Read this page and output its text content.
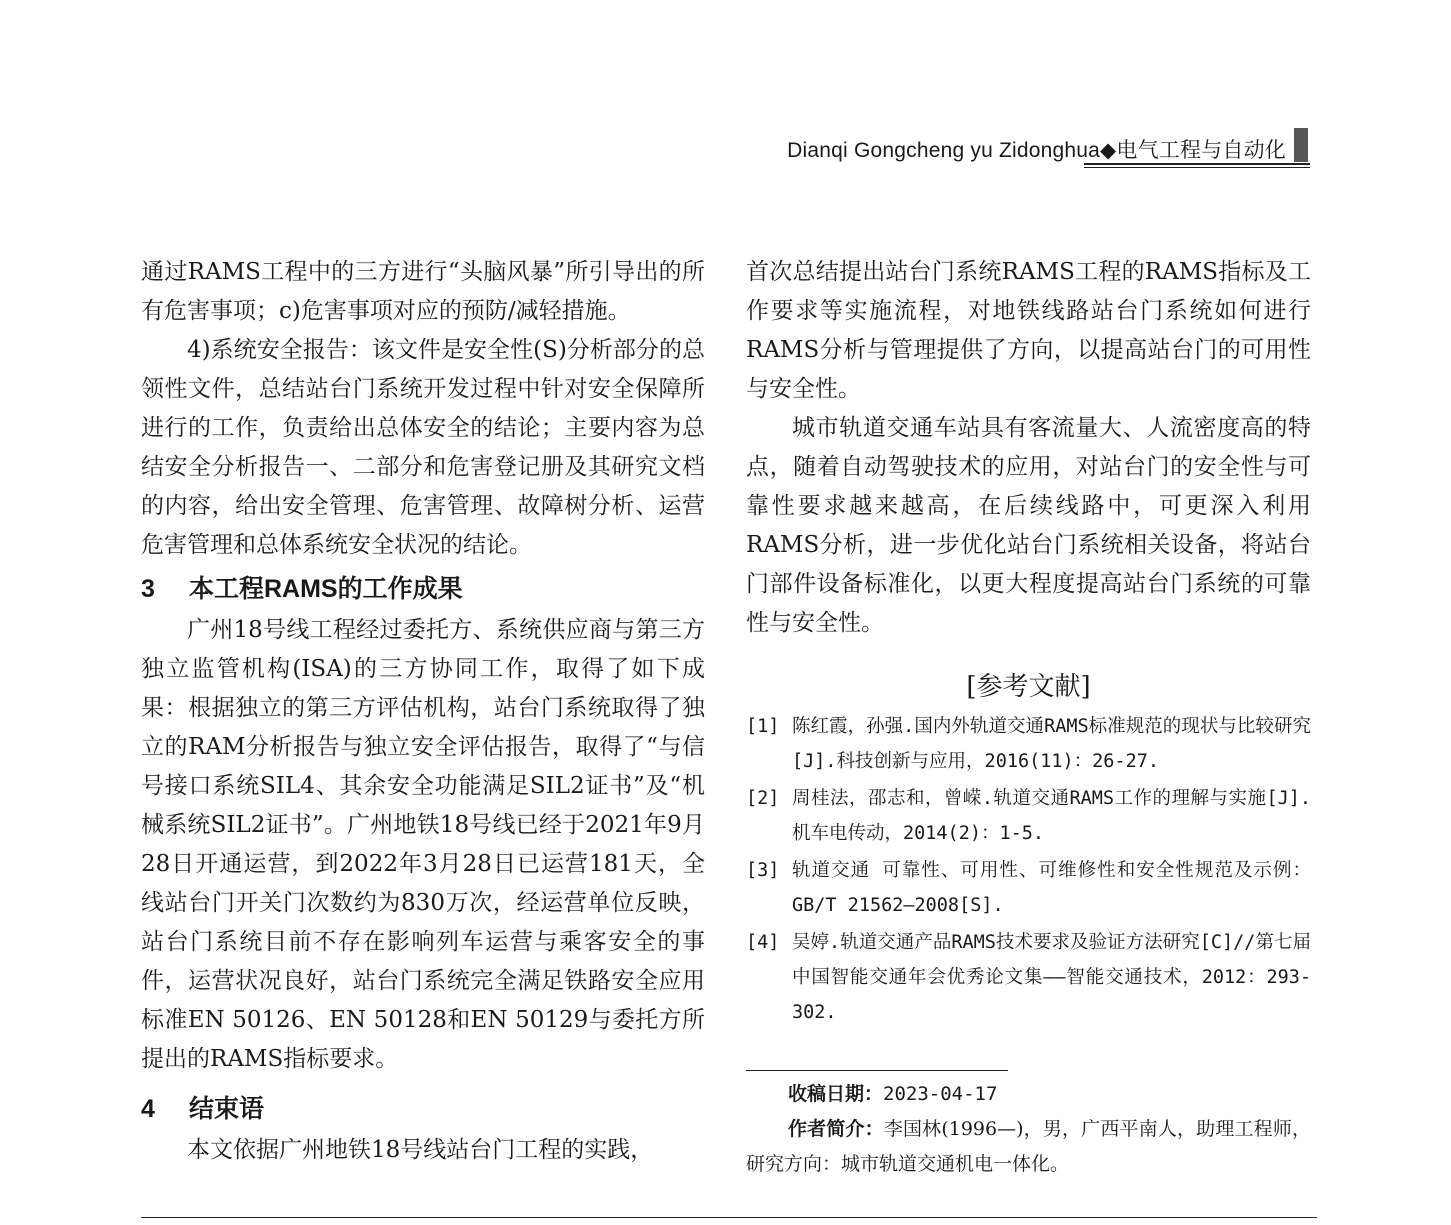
Dianqi Gongcheng yu Zidonghua◆电气工程与自动化

通过RAMS工程中的三方进行“头脑风暴”所引导出的所有危害事项；c)危害事项对应的预防/减轻措施。

4)系统安全报告：该文件是安全性(S)分析部分的总领性文件，总结站台门系统开发过程中针对安全保障所进行的工作，负责给出总体安全的结论；主要内容为总结安全分析报告一、二部分和危害登记册及其研究文档的内容，给出安全管理、危害管理、故障树分析、运营危害管理和总体系统安全状况的结论。

3 本工程RAMS的工作成果

广州18号线工程经过委托方、系统供应商与第三方独立监管机构(ISA)的三方协同工作，取得了如下成果：根据独立的第三方评估机构，站台门系统取得了独立的RAM分析报告与独立安全评估报告，取得了“与信号接口系统SIL4、其余安全功能满足SIL2证书”及“机械系统SIL2证书”。广州地铁18号线已经于2021年9月28日开通运营，到2022年3月28日已运营181天，全线站台门开关门次数约为830万次，经运营单位反映，站台门系统目前不存在影响列车运营与乘客安全的事件，运营状况良好，站台门系统完全满足铁路安全应用标准EN 50126、EN 50128和EN 50129与委托方所提出的RAMS指标要求。

4 结束语

本文依据广州地铁18号线站台门工程的实践，

首次总结提出站台门系统RAMS工程的RAMS指标及工作要求等实施流程，对地铁线路站台门系统如何进行RAMS分析与管理提供了方向，以提高站台门的可用性与安全性。

城市轨道交通车站具有客流量大、人流密度高的特点，随着自动驾驶技术的应用，对站台门的安全性与可靠性要求越来越高，在后续线路中，可更深入利用RAMS分析，进一步优化站台门系统相关设备，将站台门部件设备标准化，以更大程度提高站台门系统的可靠性与安全性。

[参考文献]
[1] 陈红霞，孙强.国内外轨道交通RAMS标准规范的现状与比较研究[J].科技创新与应用，2016(11)：26-27.
[2] 周桂法，邵志和，曾嵘.轨道交通RAMS工作的理解与实施[J].机车电传动，2014(2)：1-5.
[3] 轨道交通 可靠性、可用性、可维修性和安全性规范及示例：GB/T 21562—2008[S].
[4] 吴婷.轨道交通产品RAMS技术要求及验证方法研究[C]//第七届中国智能交通年会优秀论文集——智能交通技术，2012：293-302.
收稿日期：2023-04-17
作者简介：李国林(1996—)，男，广西平南人，助理工程师，研究方向：城市轨道交通机电一体化。
